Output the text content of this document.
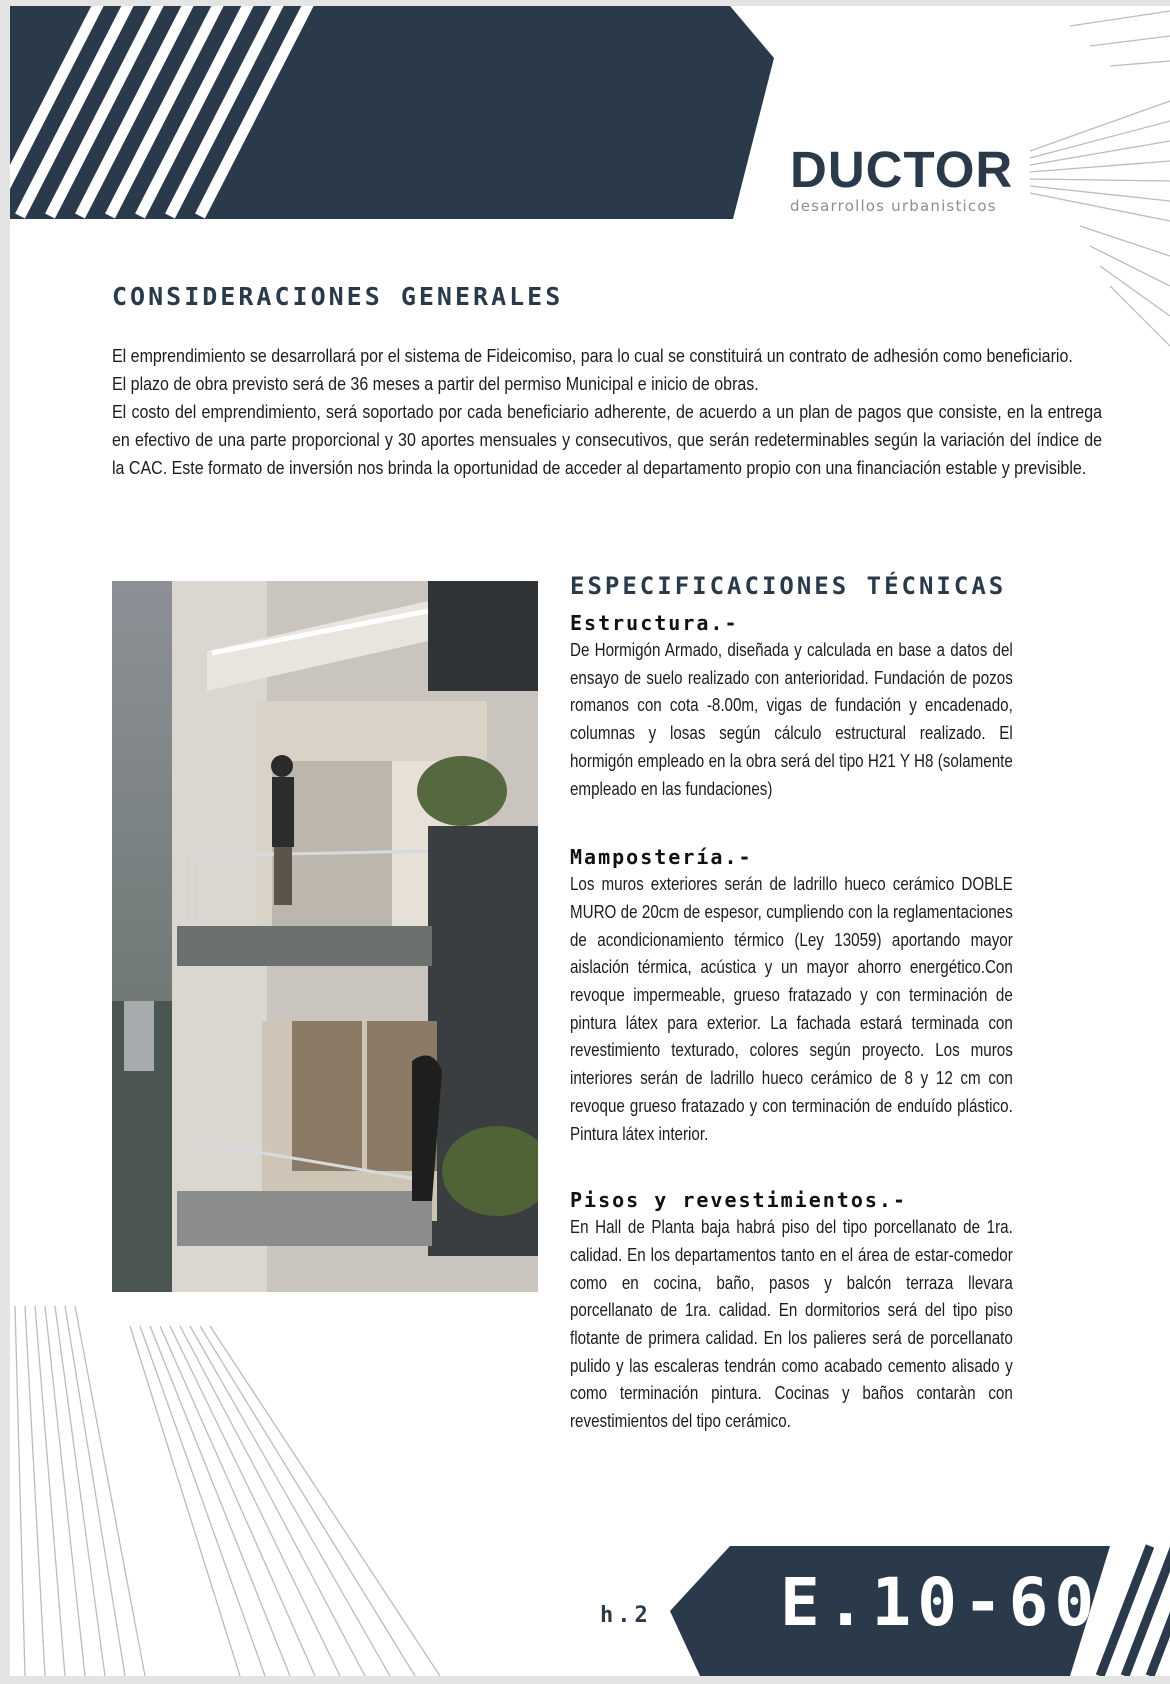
DUCTOR
desarrollos urbanisticos
CONSIDERACIONES GENERALES

El emprendimiento se desarrollará por el sistema de Fideicomiso, para lo cual se constituirá un contrato de adhesión como beneficiario.

El plazo de obra previsto será de 36 meses a partir del permiso Municipal e inicio de obras.

El costo del emprendimiento, será soportado por cada beneficiario adherente, de acuerdo a un plan de pagos que consiste, en la entrega en efectivo de una parte proporcional y 30 aportes mensuales y consecutivos, que serán redeterminables según la variación del índice de la CAC. Este formato de inversión nos brinda la oportunidad de acceder al departamento propio con una financiación estable y previsible.

ESPECIFICACIONES TÉCNICAS

Estructura.-

De Hormigón Armado, diseñada y calculada en base a datos del ensayo de suelo realizado con anterioridad. Fundación de pozos romanos con cota -8.00m, vigas de fundación y encadenado, columnas y losas según cálculo estructural realizado. El hormigón empleado en la obra será del tipo H21 Y H8 (solamente empleado en las fundaciones)

Mampostería.-

Los muros exteriores serán de ladrillo hueco cerámico DOBLE MURO de 20cm de espesor, cumpliendo con la reglamentaciones de acondicionamiento térmico (Ley 13059) aportando mayor aislación térmica, acústica y un mayor ahorro energético.Con revoque impermeable, grueso fratazado y con terminación de pintura látex para exterior. La fachada estará terminada con revestimiento texturado, colores según proyecto. Los muros interiores serán de ladrillo hueco cerámico de 8 y 12 cm con revoque grueso fratazado y con terminación de enduído plástico. Pintura látex interior.

Pisos y revestimientos.-

En Hall de Planta baja habrá piso del tipo porcellanato de 1ra. calidad. En los departamentos tanto en el área de estar-comedor como en cocina, baño, pasos y balcón terraza llevara porcellanato de 1ra. calidad. En dormitorios será del tipo piso flotante de primera calidad. En los palieres será de porcellanato pulido y las escaleras tendrán como acabado cemento alisado y como terminación pintura. Cocinas y baños contaràn con revestimientos del tipo cerámico.

h.2 E.10-60
